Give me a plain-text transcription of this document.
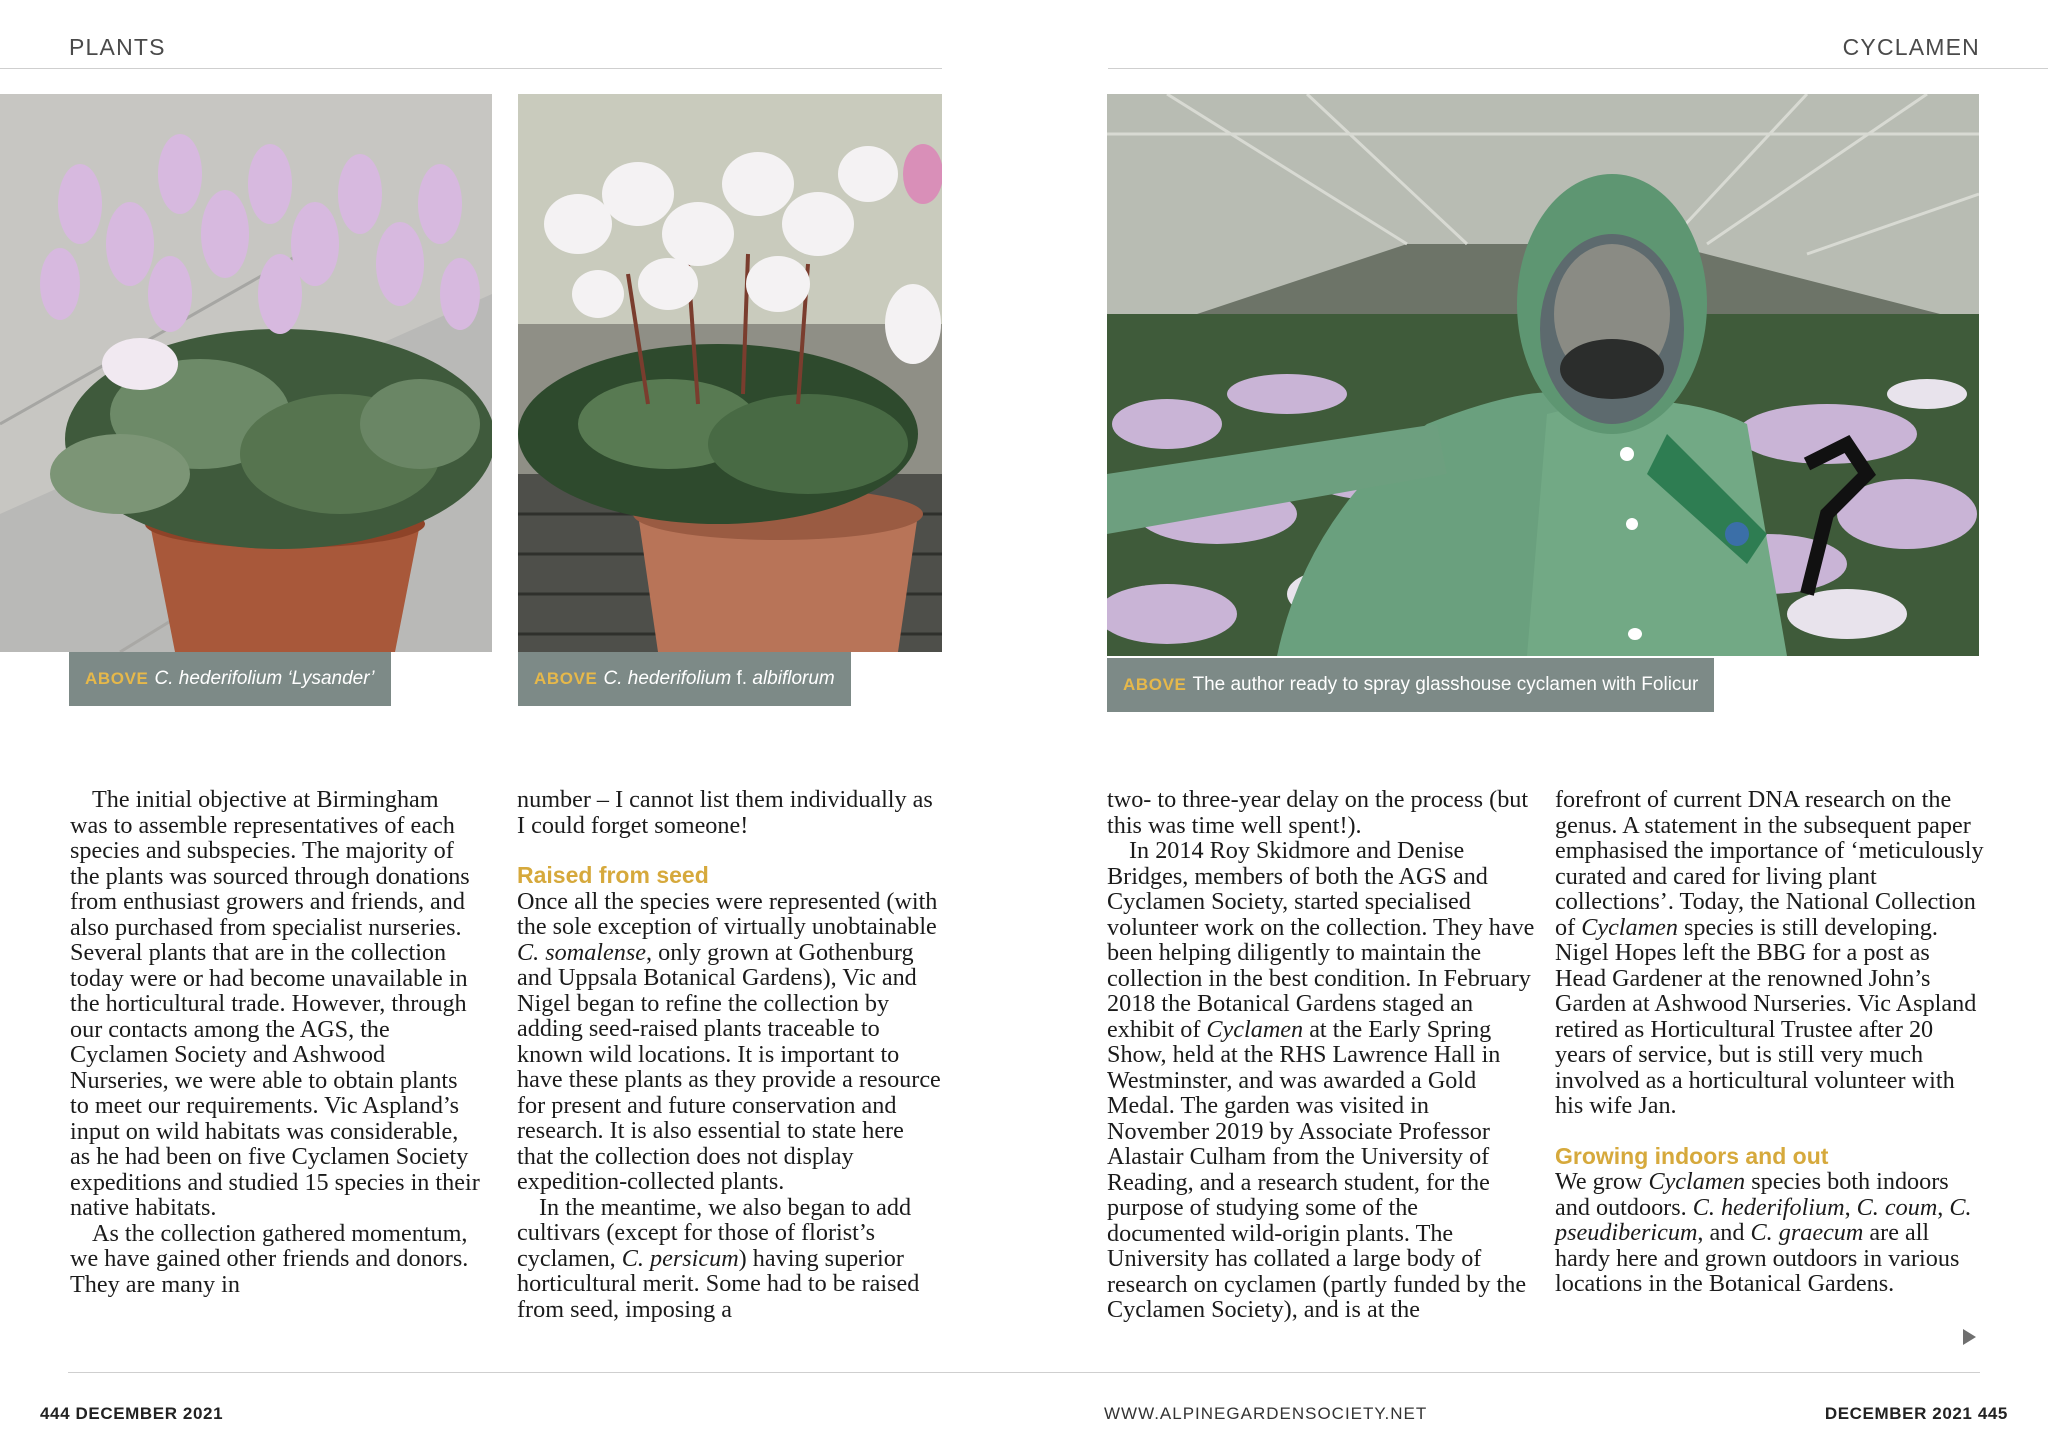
PLANTS	CYCLAMEN
ABOVE C. hederifolium ‘Lysander’	ABOVE C. hederifolium f. albiflorum	ABOVE The author ready to spray glasshouse cyclamen with Folicur

The initial objective at Birmingham was to assemble representatives of each species and subspecies. The majority of the plants was sourced through donations from enthusiast growers and friends, and also purchased from specialist nurseries. Several plants that are in the collection today were or had become unavailable in the horticultural trade. However, through our contacts among the AGS, the Cyclamen Society and Ashwood Nurseries, we were able to obtain plants to meet our requirements. Vic Aspland’s input on wild habitats was considerable, as he had been on five Cyclamen Society expeditions and studied 15 species in their native habitats.

As the collection gathered momentum, we have gained other friends and donors. They are many in

number – I cannot list them individually as I could forget someone!

Raised from seed

Once all the species were represented (with the sole exception of virtually unobtainable C. somalense, only grown at Gothenburg and Uppsala Botanical Gardens), Vic and Nigel began to refine the collection by adding seed-raised plants traceable to known wild locations. It is important to have these plants as they provide a resource for present and future conservation and research. It is also essential to state here that the collection does not display expedition-collected plants.

In the meantime, we also began to add cultivars (except for those of florist’s cyclamen, C. persicum) having superior horticultural merit. Some had to be raised from seed, imposing a

two- to three-year delay on the process (but this was time well spent!).

In 2014 Roy Skidmore and Denise Bridges, members of both the AGS and Cyclamen Society, started specialised volunteer work on the collection. They have been helping diligently to maintain the collection in the best condition. In February 2018 the Botanical Gardens staged an exhibit of Cyclamen at the Early Spring Show, held at the RHS Lawrence Hall in Westminster, and was awarded a Gold Medal. The garden was visited in November 2019 by Associate Professor Alastair Culham from the University of Reading, and a research student, for the purpose of studying some of the documented wild-origin plants. The University has collated a large body of research on cyclamen (partly funded by the Cyclamen Society), and is at the

forefront of current DNA research on the genus. A statement in the subsequent paper emphasised the importance of ‘meticulously curated and cared for living plant collections’. Today, the National Collection of Cyclamen species is still developing. Nigel Hopes left the BBG for a post as Head Gardener at the renowned John’s Garden at Ashwood Nurseries. Vic Aspland retired as Horticultural Trustee after 20 years of service, but is still very much involved as a horticultural volunteer with his wife Jan.

Growing indoors and out

We grow Cyclamen species both indoors and outdoors. C. hederifolium, C. coum, C. pseudibericum, and C. graecum are all hardy here and grown outdoors in various locations in the Botanical Gardens.

444 DECEMBER 2021	WWW.ALPINEGARDENSOCIETY.NET	DECEMBER 2021 445
